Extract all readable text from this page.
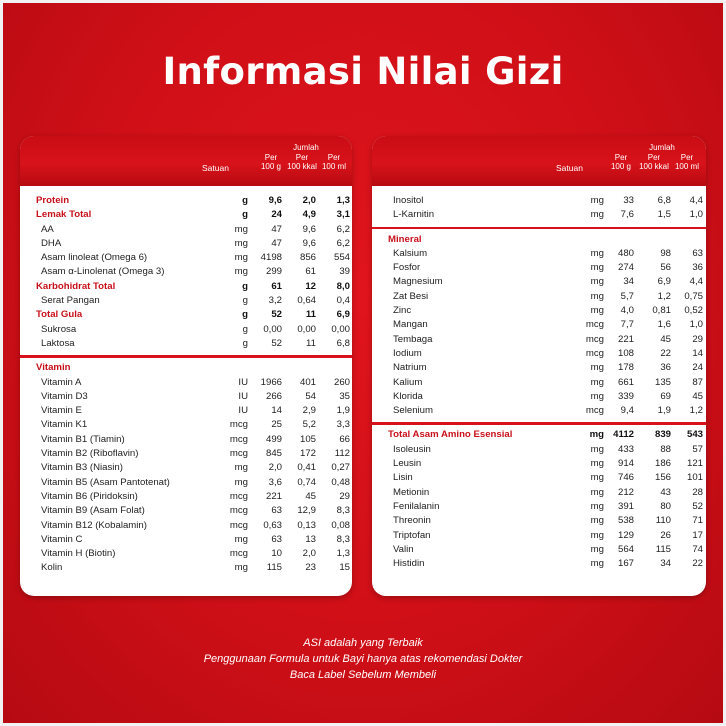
Informasi Nilai Gizi
Jumlah
Satuan
Per
100 g
Per
100 kkal
Per
100 ml
Protein	g	9,6	2,0	1,3
Lemak Total	g	24	4,9	3,1
AA	mg	47	9,6	6,2
DHA	mg	47	9,6	6,2
Asam linoleat (Omega 6)	mg	4198	856	554
Asam α-Linolenat (Omega 3)	mg	299	61	39
Karbohidrat Total	g	61	12	8,0
Serat Pangan	g	3,2	0,64	0,4
Total Gula	g	52	11	6,9
Sukrosa	g	0,00	0,00	0,00
Laktosa	g	52	11	6,8
Vitamin
Vitamin A	IU	1966	401	260
Vitamin D3	IU	266	54	35
Vitamin E	IU	14	2,9	1,9
Vitamin K1	mcg	25	5,2	3,3
Vitamin B1 (Tiamin)	mcg	499	105	66
Vitamin B2 (Riboflavin)	mcg	845	172	112
Vitamin B3 (Niasin)	mg	2,0	0,41	0,27
Vitamin B5 (Asam Pantotenat)	mg	3,6	0,74	0,48
Vitamin B6 (Piridoksin)	mcg	221	45	29
Vitamin B9 (Asam Folat)	mcg	63	12,9	8,3
Vitamin B12 (Kobalamin)	mcg	0,63	0,13	0,08
Vitamin C	mg	63	13	8,3
Vitamin H (Biotin)	mcg	10	2,0	1,3
Kolin	mg	115	23	15
Jumlah
Satuan
Per
100 g
Per
100 kkal
Per
100 ml
Inositol	mg	33	6,8	4,4
L-Karnitin	mg	7,6	1,5	1,0
Mineral
Kalsium	mg	480	98	63
Fosfor	mg	274	56	36
Magnesium	mg	34	6,9	4,4
Zat Besi	mg	5,7	1,2	0,75
Zinc	mg	4,0	0,81	0,52
Mangan	mcg	7,7	1,6	1,0
Tembaga	mcg	221	45	29
Iodium	mcg	108	22	14
Natrium	mg	178	36	24
Kalium	mg	661	135	87
Klorida	mg	339	69	45
Selenium	mcg	9,4	1,9	1,2
Total Asam Amino Esensial	mg 4112	839	543
Isoleusin	mg	433	88	57
Leusin	mg	914	186	121
Lisin	mg	746	156	101
Metionin	mg	212	43	28
Fenilalanin	mg	391	80	52
Threonin	mg	538	110	71
Triptofan	mg	129	26	17
Valin	mg	564	115	74
Histidin	mg	167	34	22
ASI adalah yang Terbaik
Penggunaan Formula untuk Bayi hanya atas rekomendasi Dokter
Baca Label Sebelum Membeli
